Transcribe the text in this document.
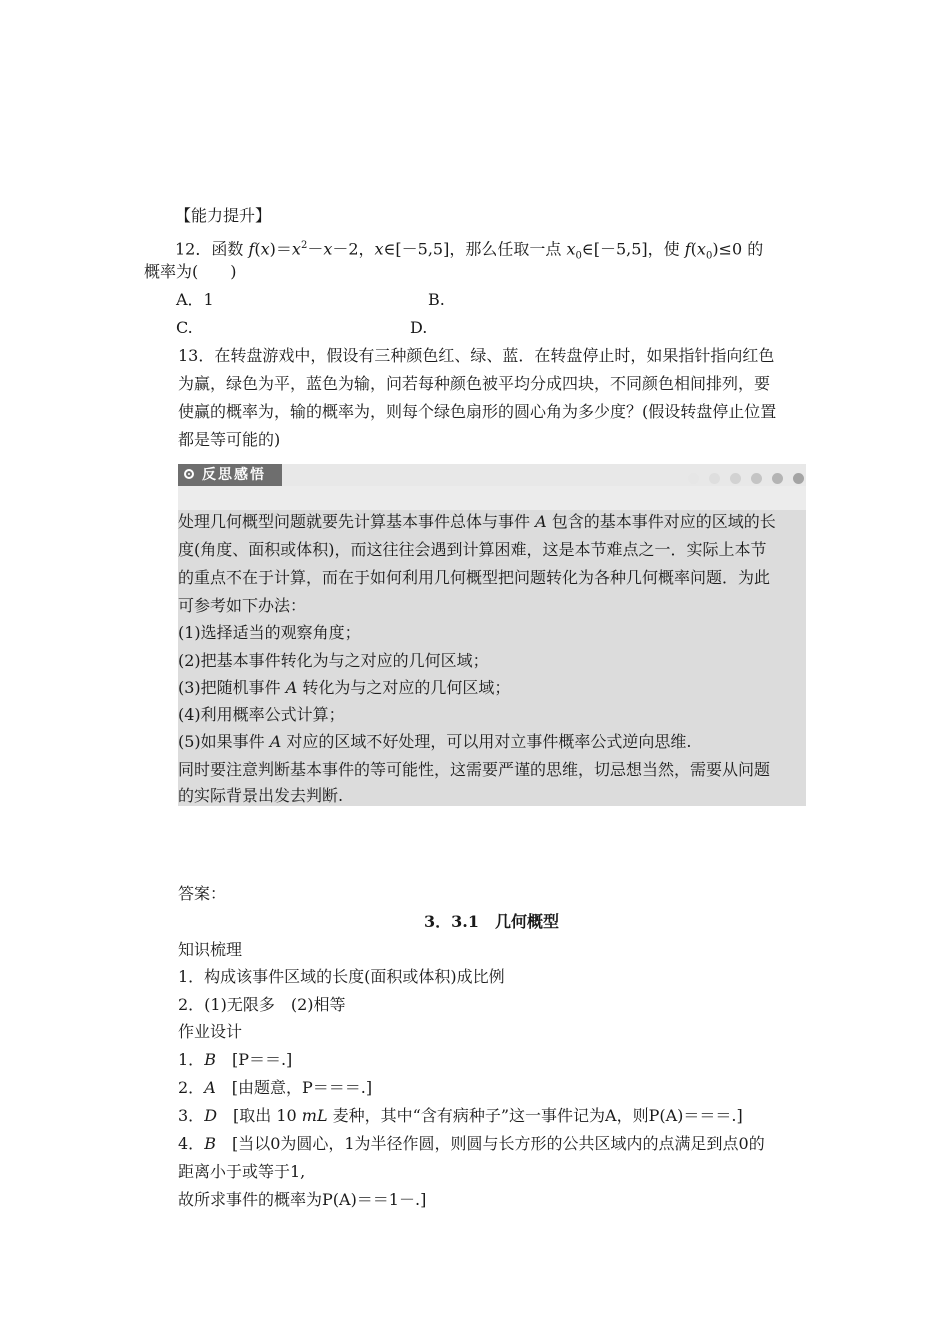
【能力提升】
12．函数 $f(x)=x^2-x-2$，x∈[－5,5]，那么任取一点 $x_0\in[-5,5]$，使 $f(x_0)\le 0$ 的
概率为(　　)
A．1	B.
C.	D.
13．在转盘游戏中，假设有三种颜色红、绿、蓝．在转盘停止时，如果指针指向红色
为赢，绿色为平，蓝色为输，问若每种颜色被平均分成四块，不同颜色相间排列，要
使赢的概率为，输的概率为，则每个绿色扇形的圆心角为多少度？(假设转盘停止位置
都是等可能的)
反思感悟
处理几何概型问题就要先计算基本事件总体与事件 A 包含的基本事件对应的区域的长
度(角度、面积或体积)，而这往往会遇到计算困难，这是本节难点之一．实际上本节
的重点不在于计算，而在于如何利用几何概型把问题转化为各种几何概率问题．为此
可参考如下办法：
(1)选择适当的观察角度；
(2)把基本事件转化为与之对应的几何区域；
(3)把随机事件 A 转化为与之对应的几何区域；
(4)利用概率公式计算；
(5)如果事件 A 对应的区域不好处理，可以用对立事件概率公式逆向思维.
同时要注意判断基本事件的等可能性，这需要严谨的思维，切忌想当然，需要从问题
的实际背景出发去判断.
答案：
3．3.1　几何概型
知识梳理
1．构成该事件区域的长度(面积或体积)成比例
2．(1)无限多　(2)相等
作业设计
1．B　[P＝＝.]
2．A　[由题意，P＝＝＝.]
3．D　[取出 10 mL 麦种，其中“含有病种子”这一事件记为A，则P(A)＝＝＝.]
4．B　[当以0为圆心，1为半径作圆，则圆与长方形的公共区域内的点满足到点0的
距离小于或等于1,
故所求事件的概率为P(A)＝＝1－.]
